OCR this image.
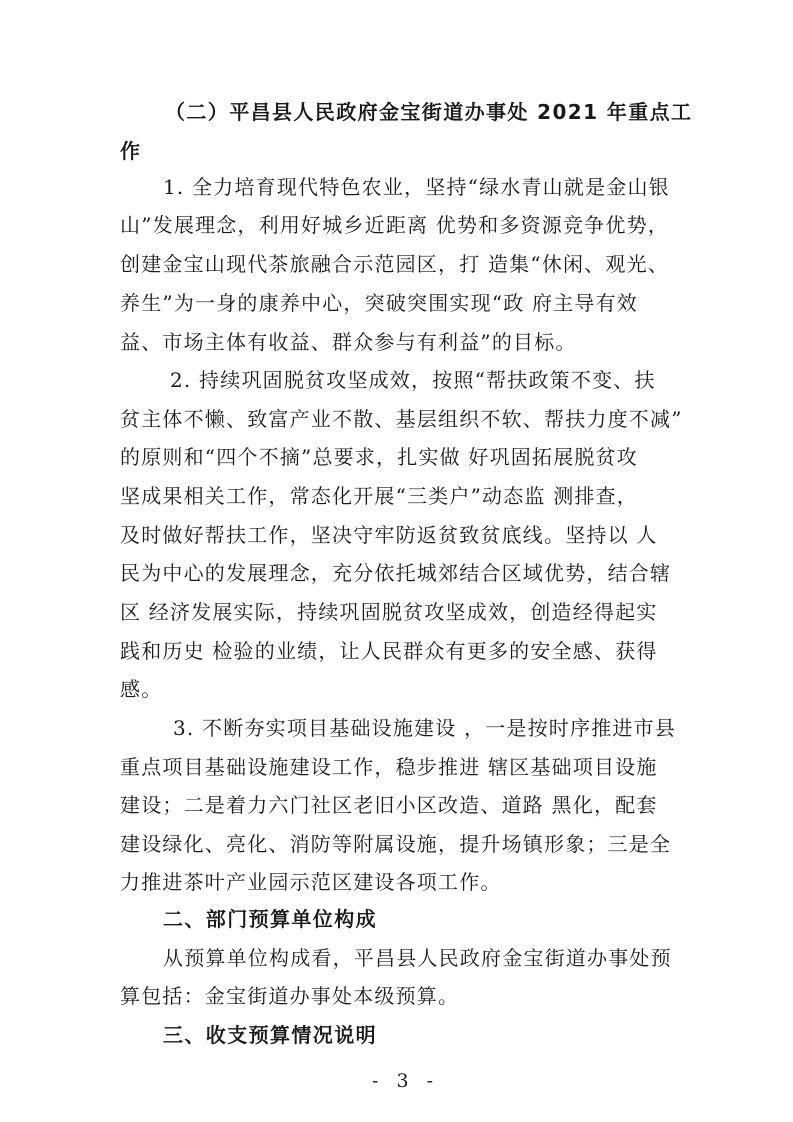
（二）平昌县人民政府金宝街道办事处 2021 年重点工
作
1. 全力培育现代特色农业，坚持“绿水青山就是金山银
山”发展理念，利用好城乡近距离 优势和多资源竞争优势，
创建金宝山现代茶旅融合示范园区，打 造集“休闲、观光、
养生”为一身的康养中心，突破突围实现“政 府主导有效
益、市场主体有收益、群众参与有利益”的目标。
2. 持续巩固脱贫攻坚成效，按照“帮扶政策不变、扶
贫主体不懒、致富产业不散、基层组织不软、帮扶力度不减”
的原则和“四个不摘”总要求，扎实做 好巩固拓展脱贫攻
坚成果相关工作，常态化开展“三类户”动态监 测排查，
及时做好帮扶工作，坚决守牢防返贫致贫底线。坚持以 人
民为中心的发展理念，充分依托城郊结合区域优势，结合辖
区 经济发展实际，持续巩固脱贫攻坚成效，创造经得起实
践和历史 检验的业绩，让人民群众有更多的安全感、获得
感。
3. 不断夯实项目基础设施建设 ，一是按时序推进市县
重点项目基础设施建设工作，稳步推进 辖区基础项目设施
建设；二是着力六门社区老旧小区改造、道路 黑化，配套
建设绿化、亮化、消防等附属设施，提升场镇形象；三是全
力推进茶叶产业园示范区建设各项工作。
二、部门预算单位构成
从预算单位构成看，平昌县人民政府金宝街道办事处预
算包括：金宝街道办事处本级预算。
三、收支预算情况说明
- 3 -
